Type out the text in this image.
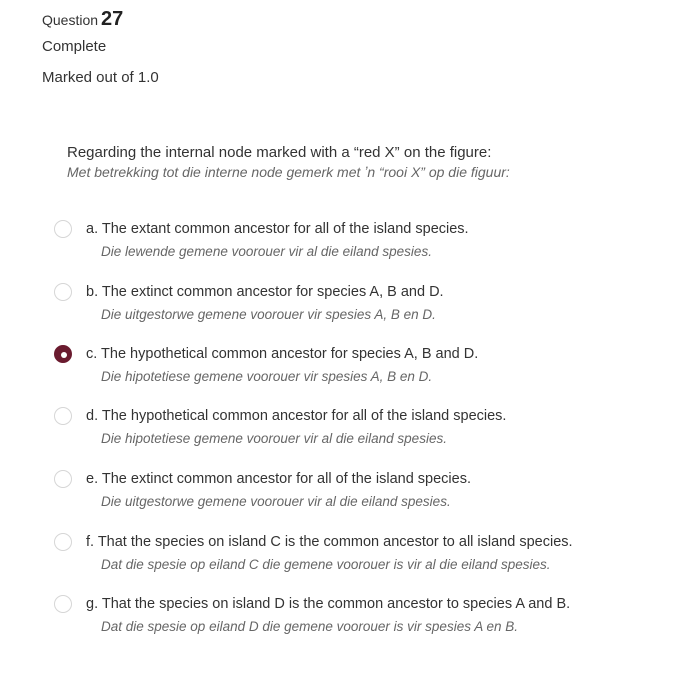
Question 27
Complete
Marked out of 1.0
Regarding the internal node marked with a “red X” on the figure:
Met betrekking tot die interne node gemerk met ʼn “rooi X” op die figuur:
a. The extant common ancestor for all of the island species.
Die lewende gemene voorouer vir al die eiland spesies.
b. The extinct common ancestor for species A, B and D.
Die uitgestorwe gemene voorouer vir spesies A, B en D.
c. The hypothetical common ancestor for species A, B and D.
Die hipotetiese gemene voorouer vir spesies A, B en D.
d. The hypothetical common ancestor for all of the island species.
Die hipotetiese gemene voorouer vir al die eiland spesies.
e. The extinct common ancestor for all of the island species.
Die uitgestorwe gemene voorouer vir al die eiland spesies.
f. That the species on island C is the common ancestor to all island species.
Dat die spesie op eiland C die gemene voorouer is vir al die eiland spesies.
g. That the species on island D is the common ancestor to species A and B.
Dat die spesie op eiland D die gemene voorouer is vir spesies A en B.
